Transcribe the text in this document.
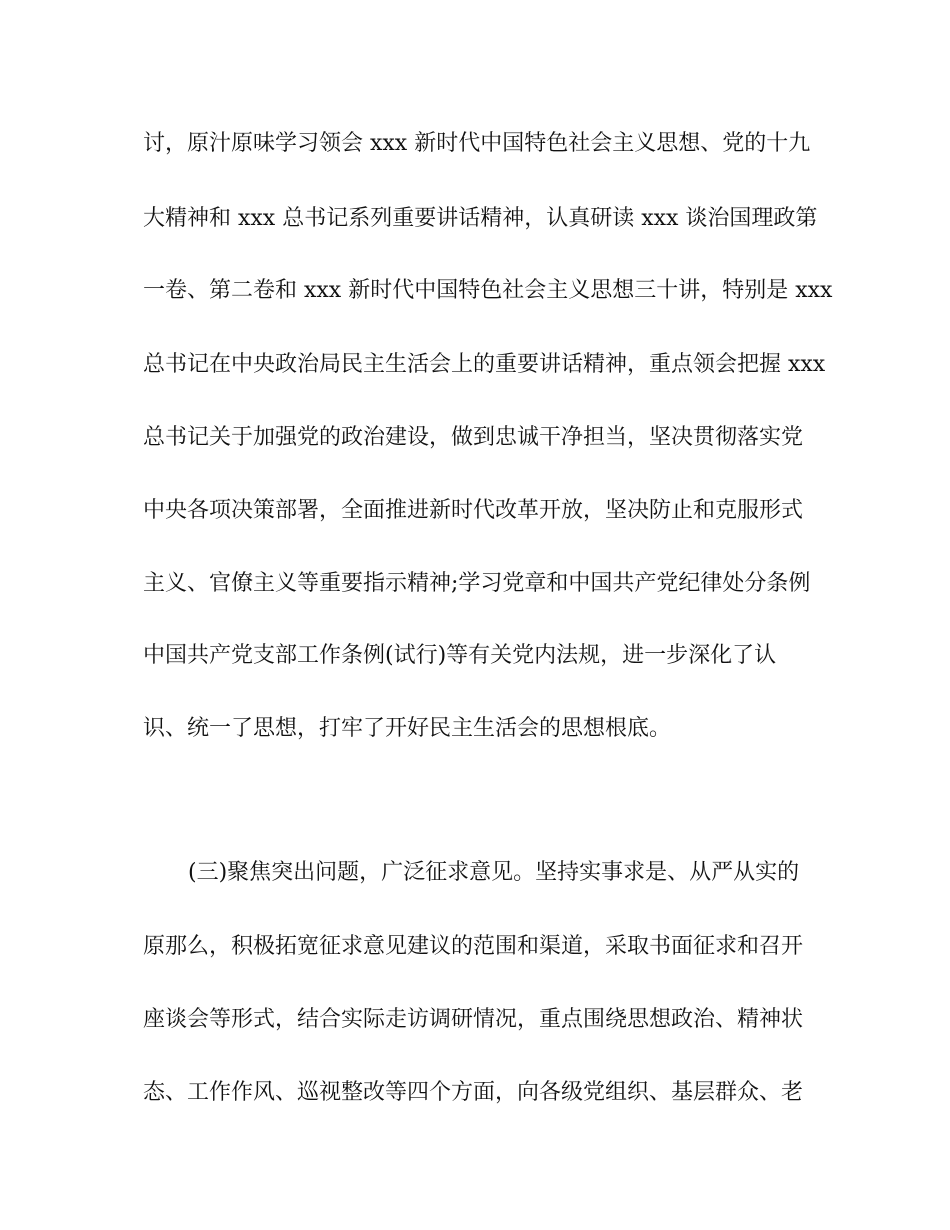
讨，原汁原味学习领会 xxx 新时代中国特色社会主义思想、党的十九

大精神和 xxx 总书记系列重要讲话精神，认真研读 xxx 谈治国理政第

一卷、第二卷和 xxx 新时代中国特色社会主义思想三十讲，特别是 xxx

总书记在中央政治局民主生活会上的重要讲话精神，重点领会把握 xxx

总书记关于加强党的政治建设，做到忠诚干净担当，坚决贯彻落实党

中央各项决策部署，全面推进新时代改革开放，坚决防止和克服形式

主义、官僚主义等重要指示精神;学习党章和中国共产党纪律处分条例

中国共产党支部工作条例(试行)等有关党内法规，进一步深化了认

识、统一了思想，打牢了开好民主生活会的思想根底。

(三)聚焦突出问题，广泛征求意见。坚持实事求是、从严从实的

原那么，积极拓宽征求意见建议的范围和渠道，采取书面征求和召开

座谈会等形式，结合实际走访调研情况，重点围绕思想政治、精神状

态、工作作风、巡视整改等四个方面，向各级党组织、基层群众、老
